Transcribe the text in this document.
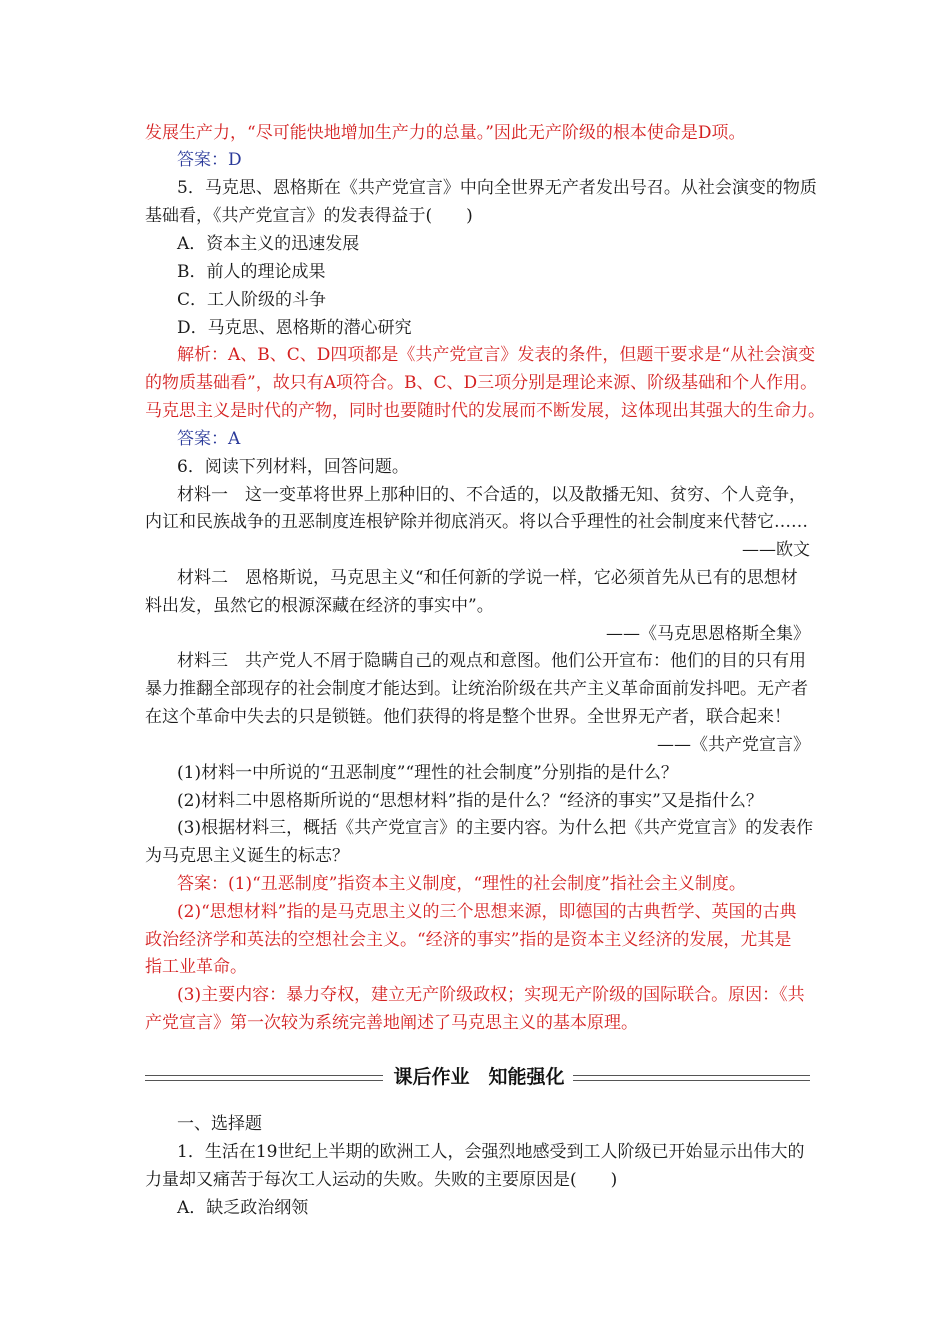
发展生产力，“尽可能快地增加生产力的总量。”因此无产阶级的根本使命是D项。
答案：D
5．马克思、恩格斯在《共产党宣言》中向全世界无产者发出号召。从社会演变的物质
基础看，《共产党宣言》的发表得益于(　　)
A．资本主义的迅速发展
B．前人的理论成果
C．工人阶级的斗争
D．马克思、恩格斯的潜心研究
解析：A、B、C、D四项都是《共产党宣言》发表的条件，但题干要求是“从社会演变
的物质基础看”，故只有A项符合。B、C、D三项分别是理论来源、阶级基础和个人作用。
马克思主义是时代的产物，同时也要随时代的发展而不断发展，这体现出其强大的生命力。
答案：A
6．阅读下列材料，回答问题。
材料一　这一变革将世界上那种旧的、不合适的，以及散播无知、贫穷、个人竞争，
内讧和民族战争的丑恶制度连根铲除并彻底消灭。将以合乎理性的社会制度来代替它……
——欧文
材料二　恩格斯说，马克思主义“和任何新的学说一样，它必须首先从已有的思想材
料出发，虽然它的根源深藏在经济的事实中”。
——《马克思恩格斯全集》
材料三　共产党人不屑于隐瞒自己的观点和意图。他们公开宣布：他们的目的只有用
暴力推翻全部现存的社会制度才能达到。让统治阶级在共产主义革命面前发抖吧。无产者
在这个革命中失去的只是锁链。他们获得的将是整个世界。全世界无产者，联合起来！
——《共产党宣言》
(1)材料一中所说的“丑恶制度”“理性的社会制度”分别指的是什么？
(2)材料二中恩格斯所说的“思想材料”指的是什么？“经济的事实”又是指什么？
(3)根据材料三，概括《共产党宣言》的主要内容。为什么把《共产党宣言》的发表作
为马克思主义诞生的标志？
答案：(1)“丑恶制度”指资本主义制度，“理性的社会制度”指社会主义制度。
(2)“思想材料”指的是马克思主义的三个思想来源，即德国的古典哲学、英国的古典
政治经济学和英法的空想社会主义。“经济的事实”指的是资本主义经济的发展，尤其是
指工业革命。
(3)主要内容：暴力夺权，建立无产阶级政权；实现无产阶级的国际联合。原因：《共
产党宣言》第一次较为系统完善地阐述了马克思主义的基本原理。
课后作业　知能强化
一、选择题
1．生活在19世纪上半期的欧洲工人，会强烈地感受到工人阶级已开始显示出伟大的
力量却又痛苦于每次工人运动的失败。失败的主要原因是(　　)
A．缺乏政治纲领
